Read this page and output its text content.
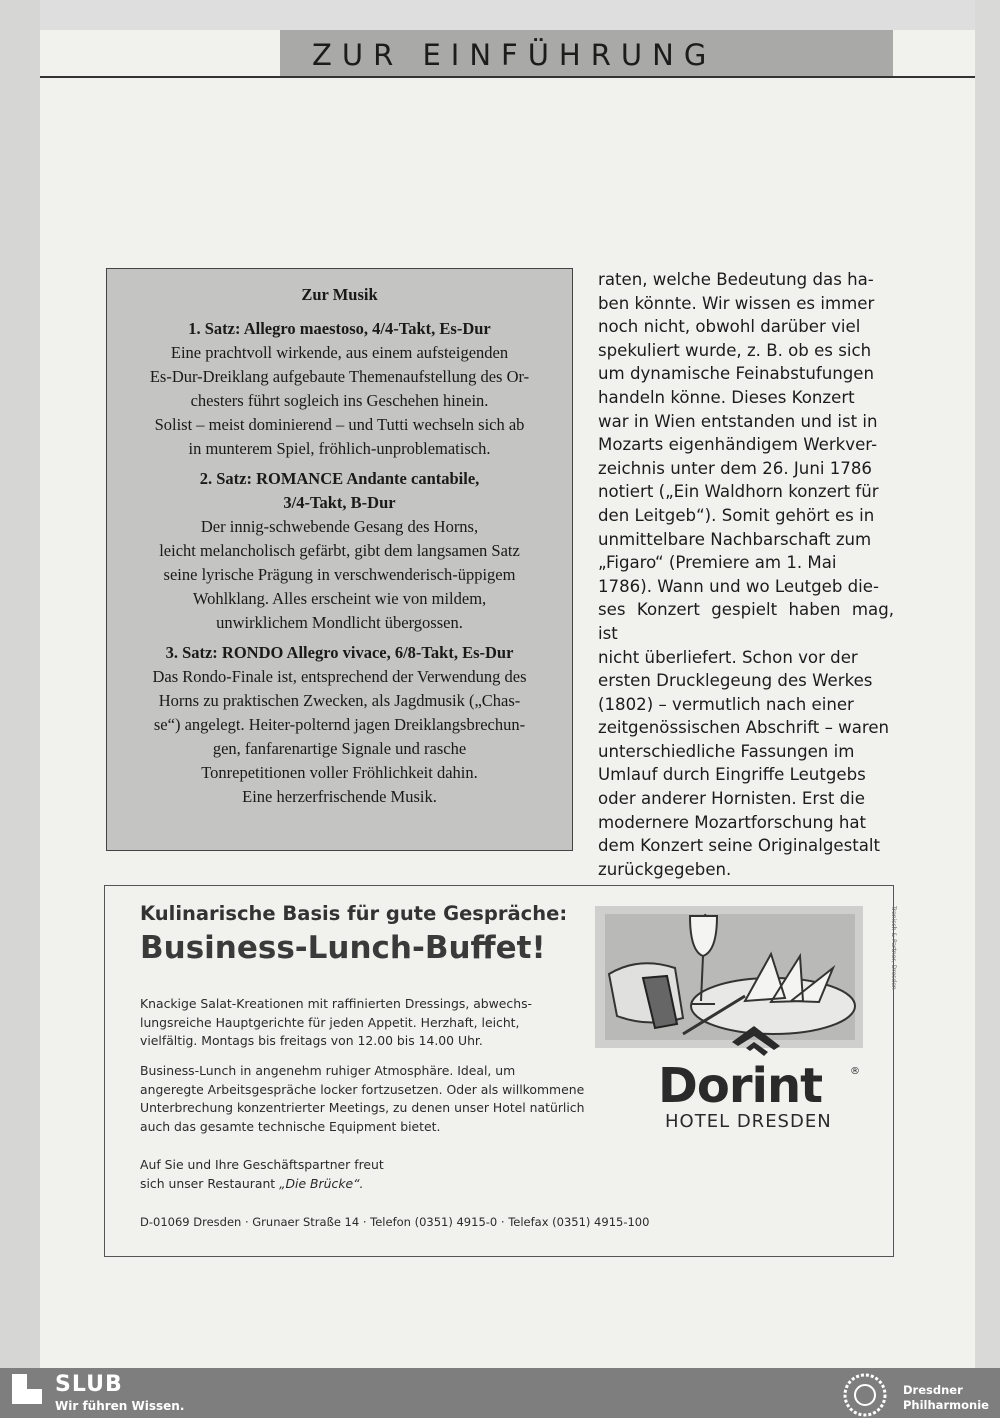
ZUR EINFÜHRUNG
Zur Musik
1. Satz: Allegro maestoso, 4/4-Takt, Es-Dur
Eine prachtvoll wirkende, aus einem aufsteigenden
Es-Dur-Dreiklang aufgebaute Themenaufstellung des Or-
chesters führt sogleich ins Geschehen hinein.
Solist – meist dominierend – und Tutti wechseln sich ab
in munterem Spiel, fröhlich-unproblematisch.
2. Satz: ROMANCE Andante cantabile,
3/4-Takt, B-Dur
Der innig-schwebende Gesang des Horns,
leicht melancholisch gefärbt, gibt dem langsamen Satz
seine lyrische Prägung in verschwenderisch-üppigem
Wohlklang. Alles erscheint wie von mildem,
unwirklichem Mondlicht übergossen.
3. Satz: RONDO Allegro vivace, 6/8-Takt, Es-Dur
Das Rondo-Finale ist, entsprechend der Verwendung des
Horns zu praktischen Zwecken, als Jagdmusik („Chas-
se“) angelegt. Heiter-polternd jagen Dreiklangsbrechun-
gen, fanfarenartige Signale und rasche
Tonrepetitionen voller Fröhlichkeit dahin.
Eine herzerfrischende Musik.

raten, welche Bedeutung das ha-

ben könnte. Wir wissen es immer

noch nicht, obwohl darüber viel

spekuliert wurde, z. B. ob es sich

um dynamische Feinabstufungen

handeln könne. Dieses Konzert

war in Wien entstanden und ist in

Mozarts eigenhändigem Werkver-

zeichnis unter dem 26. Juni 1786

notiert („Ein Waldhorn konzert für

den Leitgeb“). Somit gehört es in

unmittelbare Nachbarschaft zum

„Figaro“ (Premiere am 1. Mai

1786). Wann und wo Leutgeb die-

ses Konzert gespielt haben mag, ist

nicht überliefert. Schon vor der

ersten Drucklegeung des Werkes

(1802) – vermutlich nach einer

zeitgenössischen Abschrift – waren

unterschiedliche Fassungen im

Umlauf durch Eingriffe Leutgebs

oder anderer Hornisten. Erst die

modernere Mozartforschung hat

dem Konzert seine Originalgestalt

zurückgegeben.

Kulinarische Basis für gute Gespräche:
Business-Lunch-Buffet!
Knackige Salat-Kreationen mit raffinierten Dressings, abwechs-
lungsreiche Hauptgerichte für jeden Appetit. Herzhaft, leicht,
vielfältig. Montags bis freitags von 12.00 bis 14.00 Uhr.
Business-Lunch in angenehm ruhiger Atmosphäre. Ideal, um
angeregte Arbeitsgespräche locker fortzusetzen. Oder als willkommene
Unterbrechung konzentrierter Meetings, zu denen unser Hotel natürlich
auch das gesamte technische Equipment bietet.
Auf Sie und Ihre Geschäftspartner freut
sich unser Restaurant „Die Brücke“.
D-01069 Dresden · Grunaer Straße 14 · Telefon (0351) 4915-0 · Telefax (0351) 4915-100
Trenisch & Partner, Dresden
Dorint	®
HOTEL DRESDEN
SLUB
Wir führen Wissen.
Dresdner
Philharmonie
